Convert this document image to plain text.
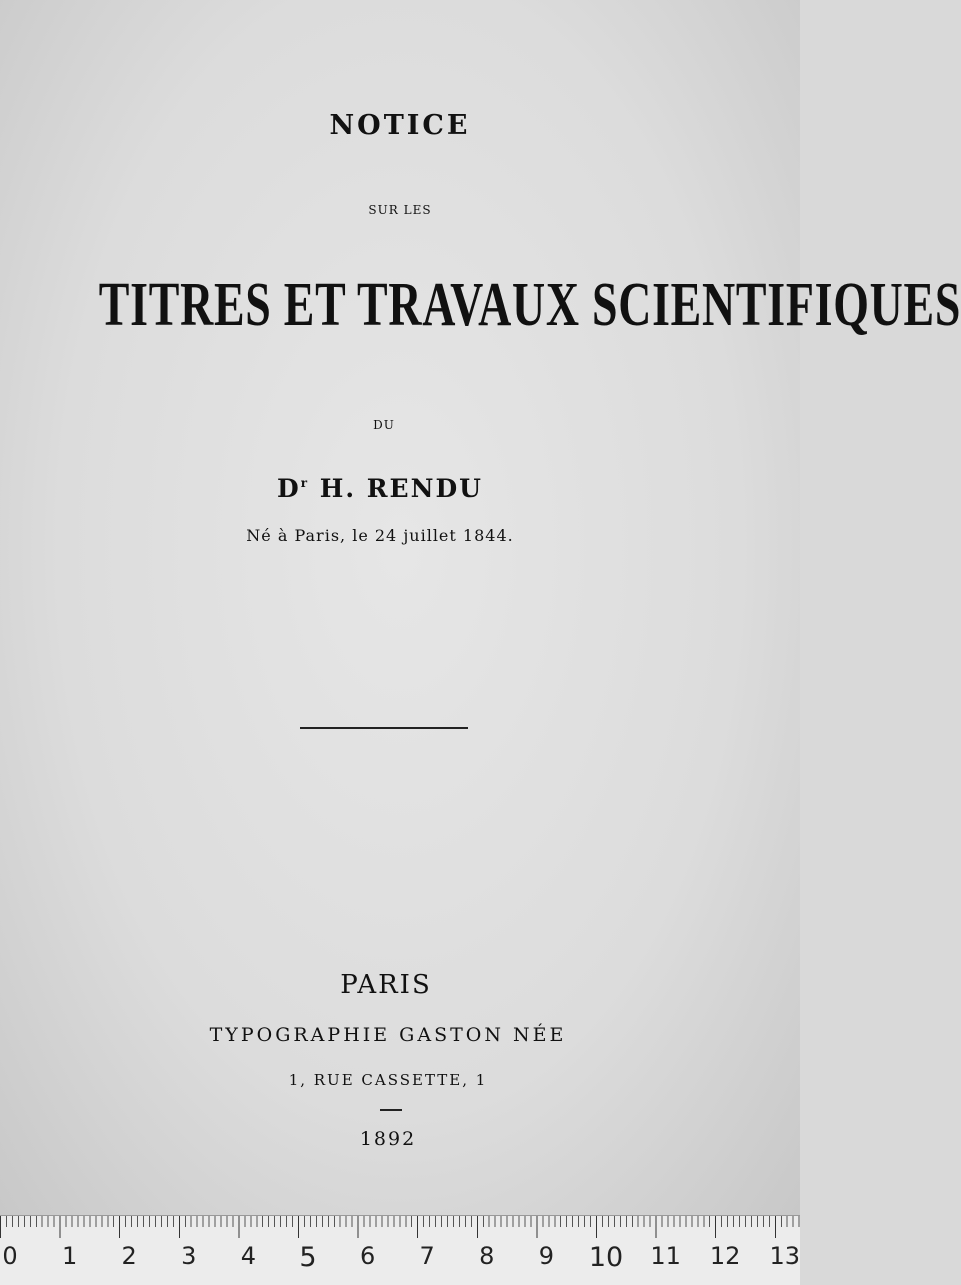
NOTICE
SUR LES
TITRES ET TRAVAUX SCIENTIFIQUES
DU
$D^r$ H. RENDU
Né à Paris, le 24 juillet 1844.
PARIS
TYPOGRAPHIE GASTON NÉE
1, RUE CASSETTE, 1
1892
0 1 2 3 4 5 6 7 8 9 10 11 12 13
